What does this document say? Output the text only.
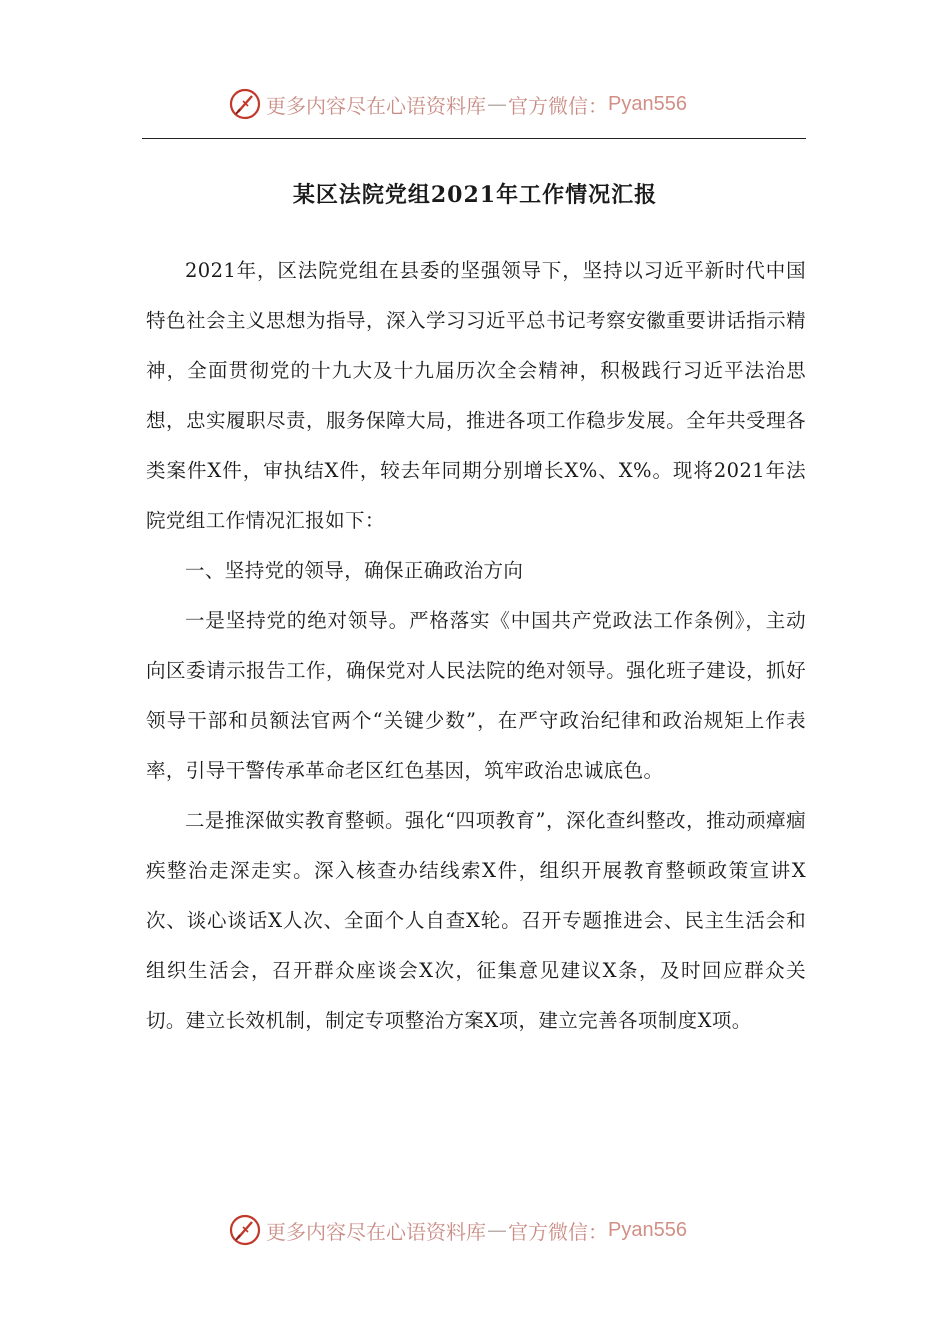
更多内容尽在心语资料库 — 官方微信： Pyan556
某区法院党组2021年工作情况汇报

2021年，区法院党组在县委的坚强领导下，坚持以习近平新时代中国特色社会主义思想为指导，深入学习习近平总书记考察安徽重要讲话指示精神，全面贯彻党的十九大及十九届历次全会精神，积极践行习近平法治思想，忠实履职尽责，服务保障大局，推进各项工作稳步发展。全年共受理各类案件X件，审执结X件，较去年同期分别增长X%、X%。现将2021年法院党组工作情况汇报如下：

一、坚持党的领导，确保正确政治方向

一是坚持党的绝对领导。严格落实《中国共产党政法工作条例》，主动向区委请示报告工作，确保党对人民法院的绝对领导。强化班子建设，抓好领导干部和员额法官两个“关键少数”，在严守政治纪律和政治规矩上作表率，引导干警传承革命老区红色基因，筑牢政治忠诚底色。

二是推深做实教育整顿。强化“四项教育”，深化查纠整改，推动顽瘴痼疾整治走深走实。深入核查办结线索X件，组织开展教育整顿政策宣讲X次、谈心谈话X人次、全面个人自查X轮。召开专题推进会、民主生活会和组织生活会，召开群众座谈会X次，征集意见建议X条，及时回应群众关切。建立长效机制，制定专项整治方案X项，建立完善各项制度X项。

更多内容尽在心语资料库 — 官方微信： Pyan556
